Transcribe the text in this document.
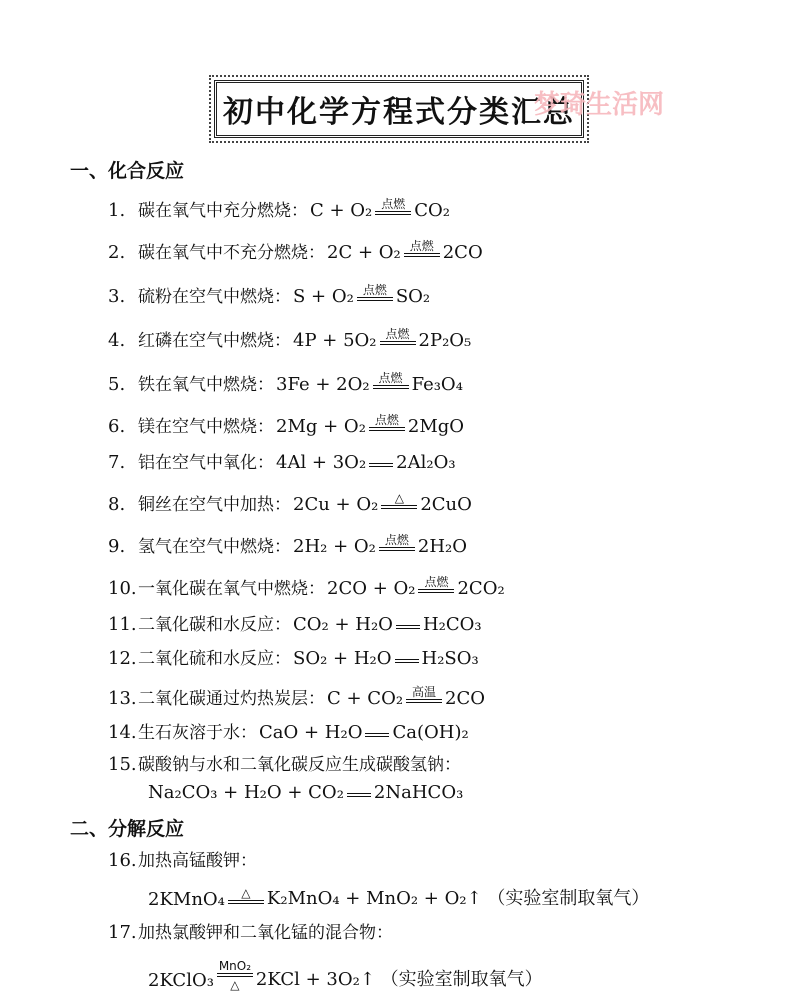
初中化学方程式分类汇总
梦琦生活网
一、化合反应
二、分解反应
1. 碳在氧气中充分燃烧： C + O₂ 点燃 CO₂
2. 碳在氧气中不充分燃烧： 2C + O₂ 点燃 2CO
3. 硫粉在空气中燃烧： S + O₂ 点燃 SO₂
4. 红磷在空气中燃烧： 4P + 5O₂ 点燃 2P₂O₅
5. 铁在氧气中燃烧： 3Fe + 2O₂ 点燃 Fe₃O₄
6. 镁在空气中燃烧： 2Mg + O₂ 点燃 2MgO
7. 铝在空气中氧化： 4Al + 3O₂ 2Al₂O₃
8. 铜丝在空气中加热： 2Cu + O₂	△ 2CuO
9. 氢气在空气中燃烧： 2H₂ + O₂ 点燃 2H₂O
10. 一氧化碳在氧气中燃烧： 2CO + O₂ 点燃 2CO₂
11. 二氧化碳和水反应： CO₂ + H₂O H₂CO₃
12. 二氧化硫和水反应： SO₂ + H₂O H₂SO₃
13. 二氧化碳通过灼热炭层： C + CO₂ 高温 2CO
14. 生石灰溶于水： CaO + H₂O Ca(OH)₂
15. 碳酸钠与水和二氧化碳反应生成碳酸氢钠：
Na₂CO₃ + H₂O + CO₂ 2NaHCO₃
16. 加热高锰酸钾：
2KMnO₄	△ K₂MnO₄ + MnO₂ + O₂↑ （实验室制取氧气）
17. 加热氯酸钾和二氧化锰的混合物：
2KClO₃
MnO₂
△ 2KCl + 3O₂↑ （实验室制取氧气）
